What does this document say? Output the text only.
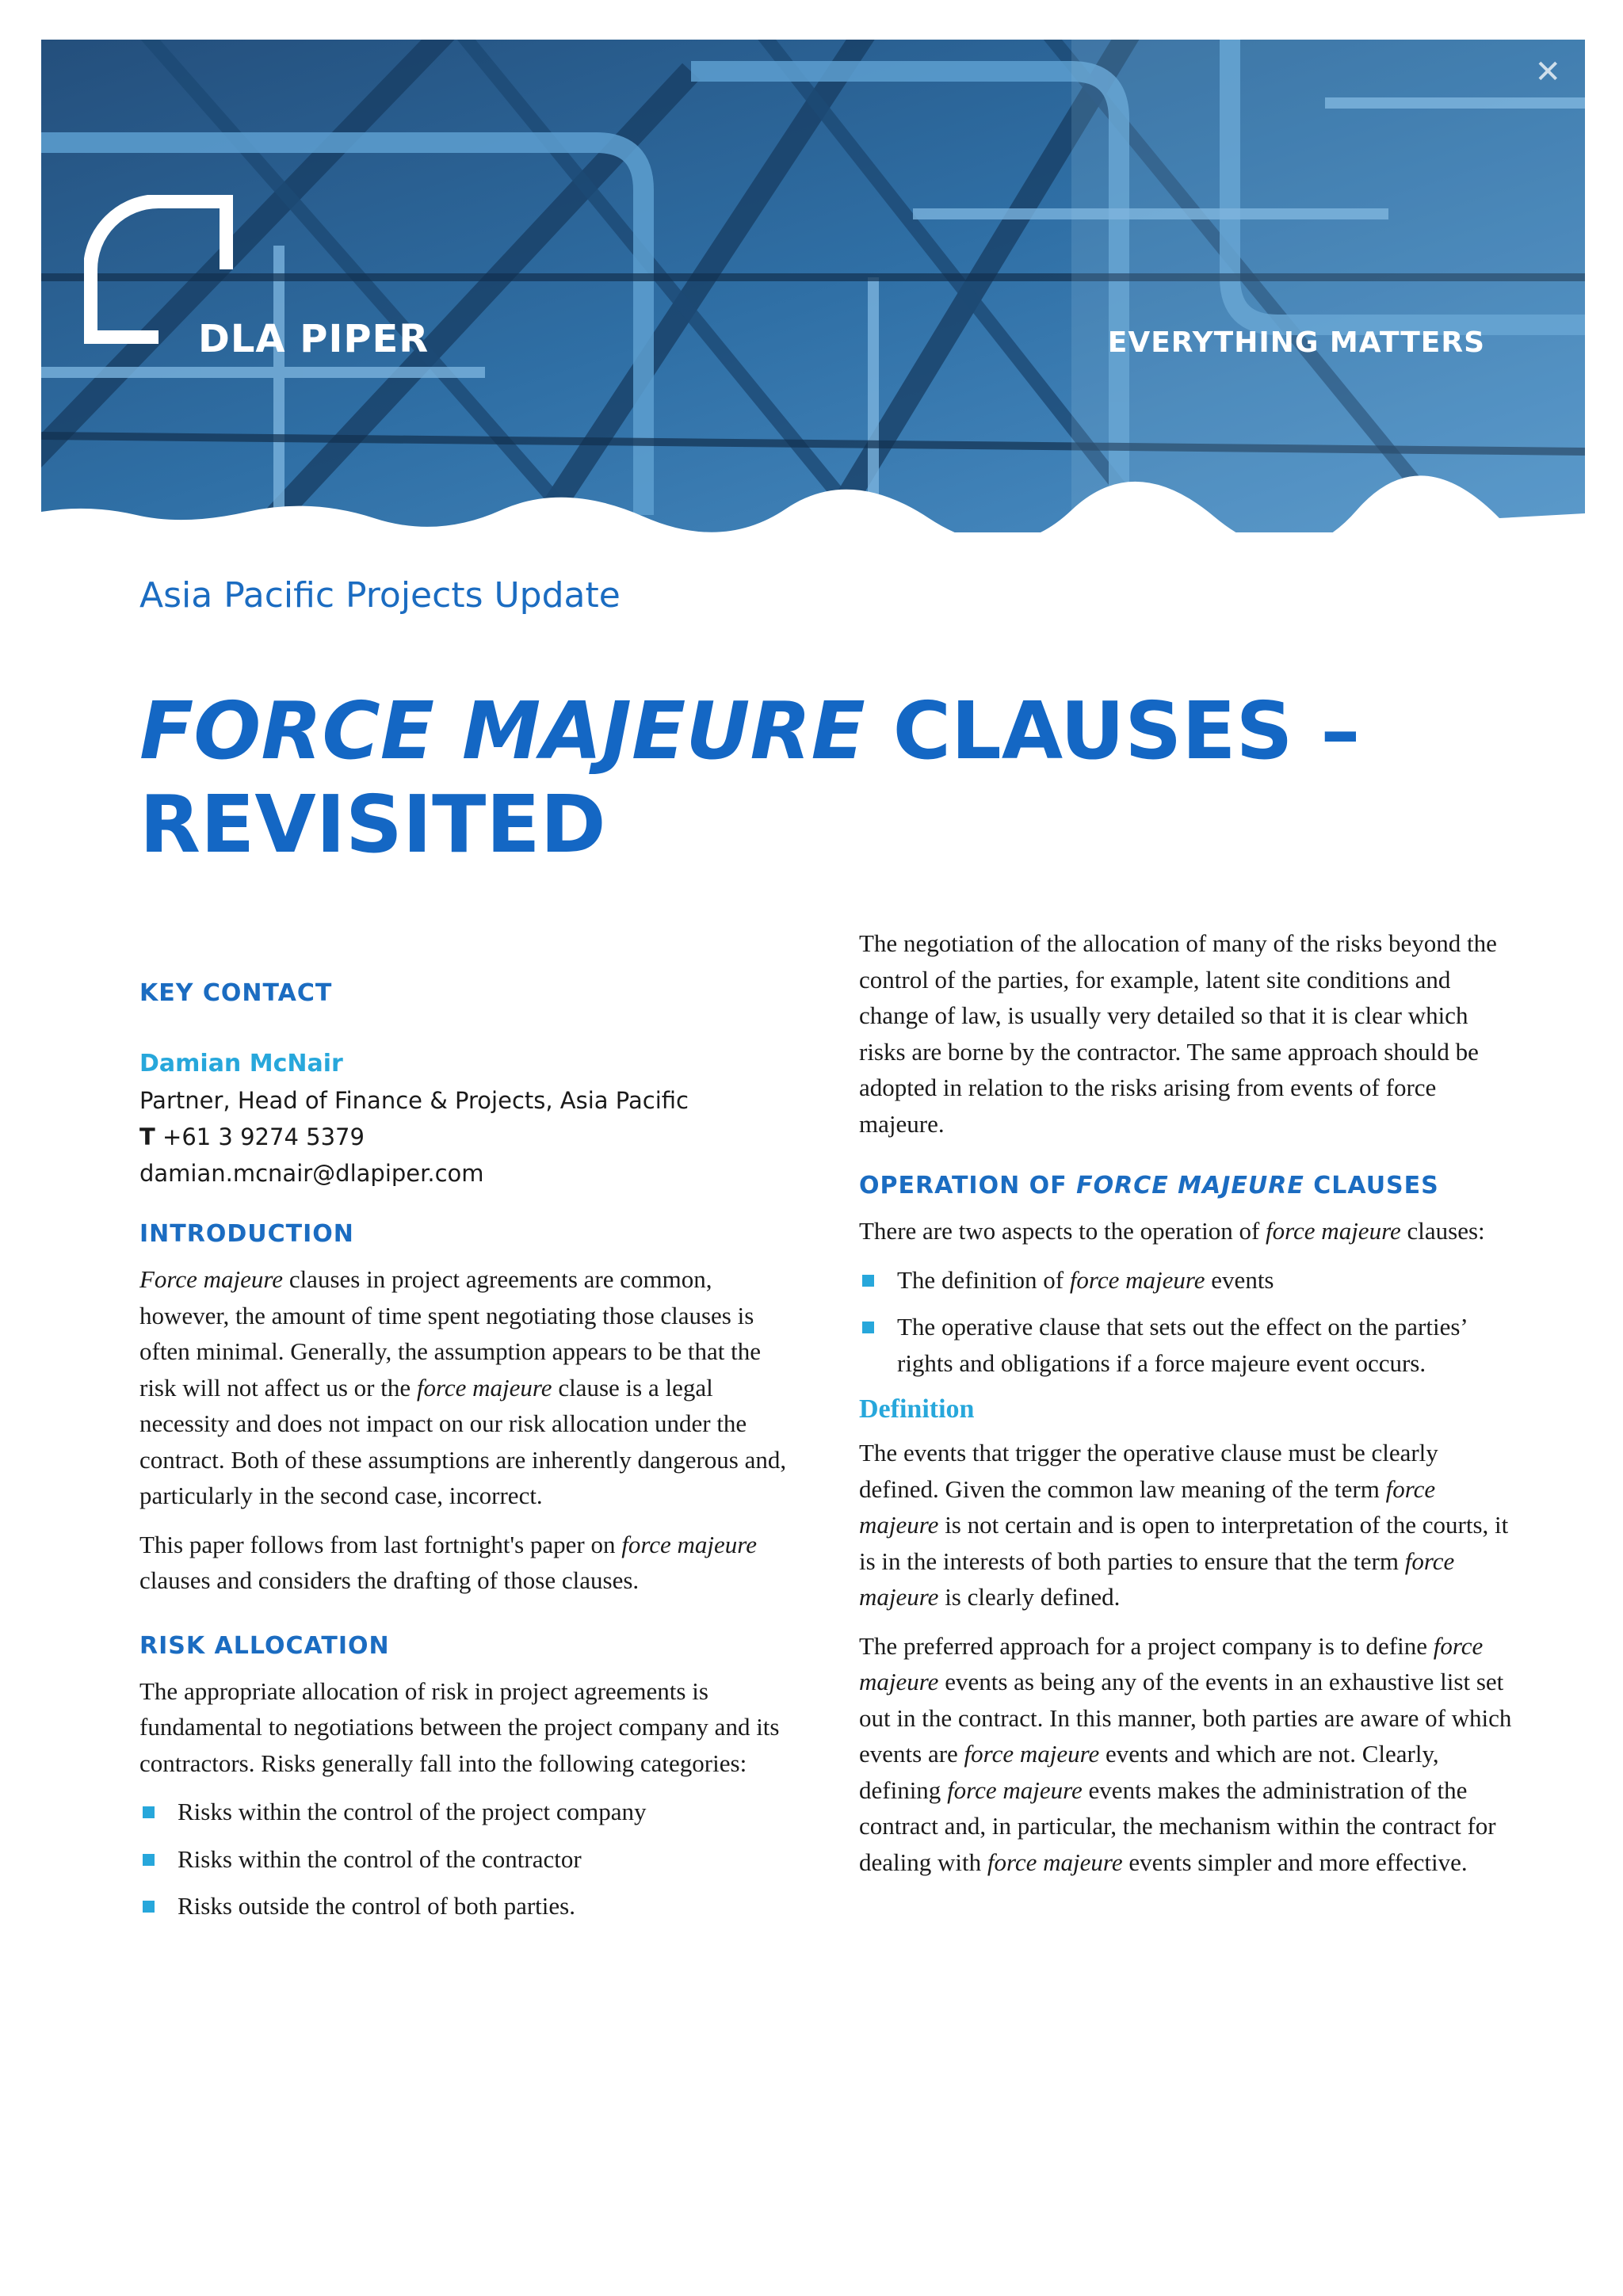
DLA PIPER	EVERYTHING MATTERS
✕
Asia Pacific Projects Update
FORCE MAJEURE CLAUSES –
REVISITED
KEY CONTACT
Damian McNair
Partner, Head of Finance & Projects, Asia Pacific
T +61 3 9274 5379
damian.mcnair@dlapiper.com
INTRODUCTION

Force majeure clauses in project agreements are common, however, the amount of time spent negotiating those clauses is often minimal. Generally, the assumption appears to be that the risk will not affect us or the force majeure clause is a legal necessity and does not impact on our risk allocation under the contract. Both of these assumptions are inherently dangerous and, particularly in the second case, incorrect.

This paper follows from last fortnight's paper on force majeure clauses and considers the drafting of those clauses.

RISK ALLOCATION

The appropriate allocation of risk in project agreements is fundamental to negotiations between the project company and its contractors. Risks generally fall into the following categories:

Risks within the control of the project company
Risks within the control of the contractor
Risks outside the control of both parties.

The negotiation of the allocation of many of the risks beyond the control of the parties, for example, latent site conditions and change of law, is usually very detailed so that it is clear which risks are borne by the contractor. The same approach should be adopted in relation to the risks arising from events of force majeure.

OPERATION OF FORCE MAJEURE CLAUSES

There are two aspects to the operation of force majeure clauses:

The definition of force majeure events
The operative clause that sets out the effect on the parties’ rights and obligations if a force majeure event occurs.
Definition

The events that trigger the operative clause must be clearly defined. Given the common law meaning of the term force majeure is not certain and is open to interpretation of the courts, it is in the interests of both parties to ensure that the term force majeure is clearly defined.

The preferred approach for a project company is to define force majeure events as being any of the events in an exhaustive list set out in the contract. In this manner, both parties are aware of which events are force majeure events and which are not. Clearly, defining force majeure events makes the administration of the contract and, in particular, the mechanism within the contract for dealing with force majeure events simpler and more effective.
